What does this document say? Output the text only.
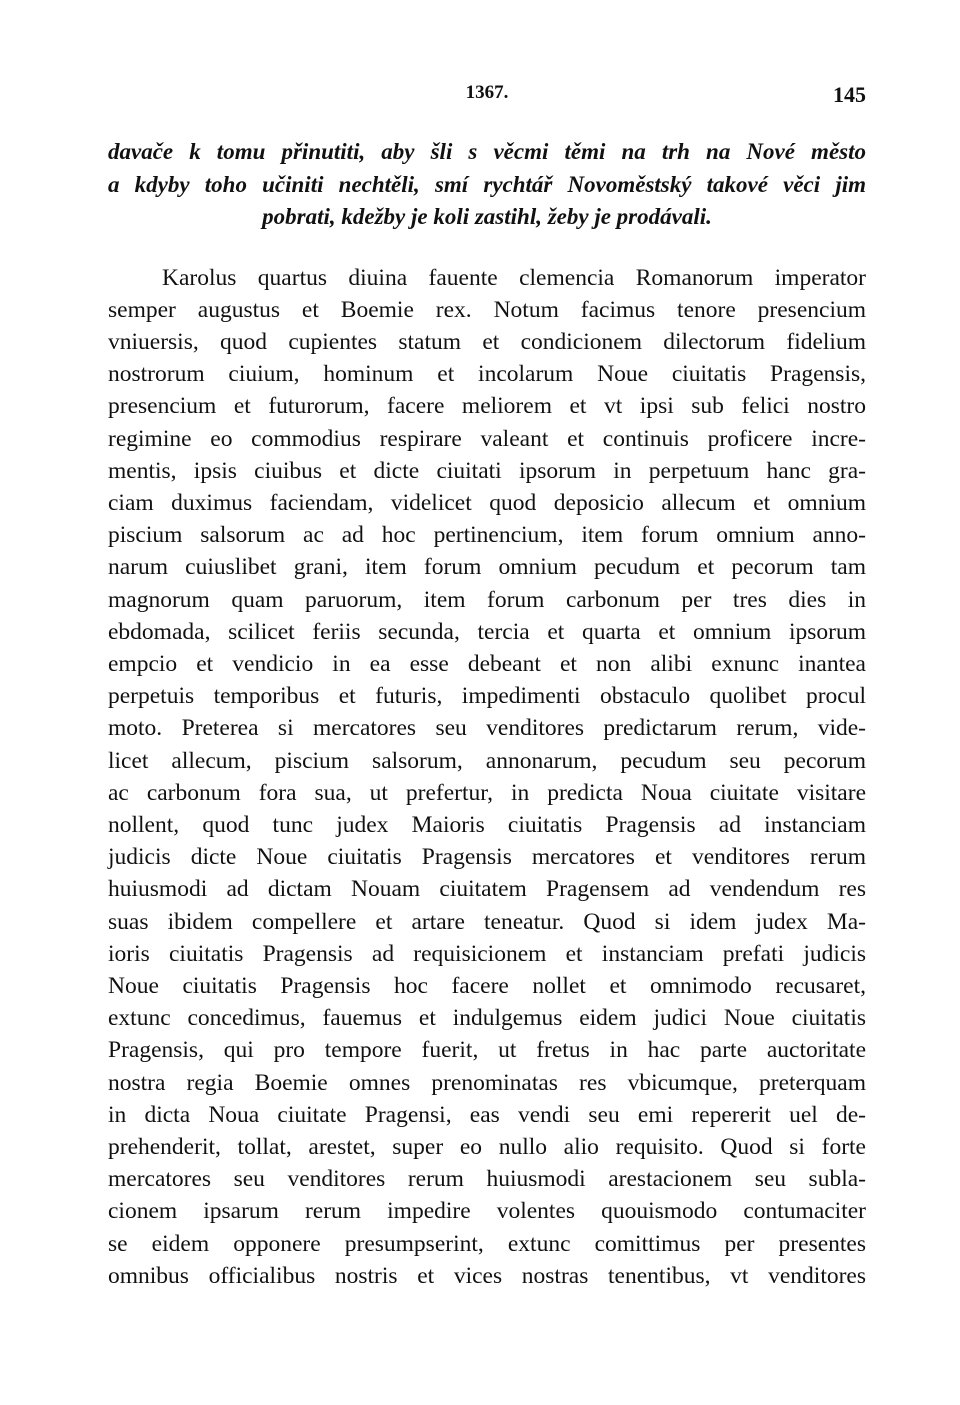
1367.	145
davače k tomu přinutiti, aby šli s věcmi těmi na trh na Nové město
a kdyby toho učiniti nechtěli, smí rychtář Novoměstský takové věci jim
pobrati, kdežby je koli zastihl, žeby je prodávali.
Karolus quartus diuina fauente clemencia Romanorum imperator
semper augustus et Boemie rex. Notum facimus tenore presencium
vniuersis, quod cupientes statum et condicionem dilectorum fidelium
nostrorum ciuium, hominum et incolarum Noue ciuitatis Pragensis,
presencium et futurorum, facere meliorem et vt ipsi sub felici nostro
regimine eo commodius respirare valeant et continuis proficere incre-
mentis, ipsis ciuibus et dicte ciuitati ipsorum in perpetuum hanc gra-
ciam duximus faciendam, videlicet quod deposicio allecum et omnium
piscium salsorum ac ad hoc pertinencium, item forum omnium anno-
narum cuiuslibet grani, item forum omnium pecudum et pecorum tam
magnorum quam paruorum, item forum carbonum per tres dies in
ebdomada, scilicet feriis secunda, tercia et quarta et omnium ipsorum
empcio et vendicio in ea esse debeant et non alibi exnunc inantea
perpetuis temporibus et futuris, impedimenti obstaculo quolibet procul
moto. Preterea si mercatores seu venditores predictarum rerum, vide-
licet allecum, piscium salsorum, annonarum, pecudum seu pecorum
ac carbonum fora sua, ut prefertur, in predicta Noua ciuitate visitare
nollent, quod tunc judex Maioris ciuitatis Pragensis ad instanciam
judicis dicte Noue ciuitatis Pragensis mercatores et venditores rerum
huiusmodi ad dictam Nouam ciuitatem Pragensem ad vendendum res
suas ibidem compellere et artare teneatur. Quod si idem judex Ma-
ioris ciuitatis Pragensis ad requisicionem et instanciam prefati judicis
Noue ciuitatis Pragensis hoc facere nollet et omnimodo recusaret,
extunc concedimus, fauemus et indulgemus eidem judici Noue ciuitatis
Pragensis, qui pro tempore fuerit, ut fretus in hac parte auctoritate
nostra regia Boemie omnes prenominatas res vbicumque, preterquam
in dicta Noua ciuitate Pragensi, eas vendi seu emi repererit uel de-
prehenderit, tollat, arestet, super eo nullo alio requisito. Quod si forte
mercatores seu venditores rerum huiusmodi arestacionem seu subla-
cionem ipsarum rerum impedire volentes quouismodo contumaciter
se eidem opponere presumpserint, extunc comittimus per presentes
omnibus officialibus nostris et vices nostras tenentibus, vt venditores
